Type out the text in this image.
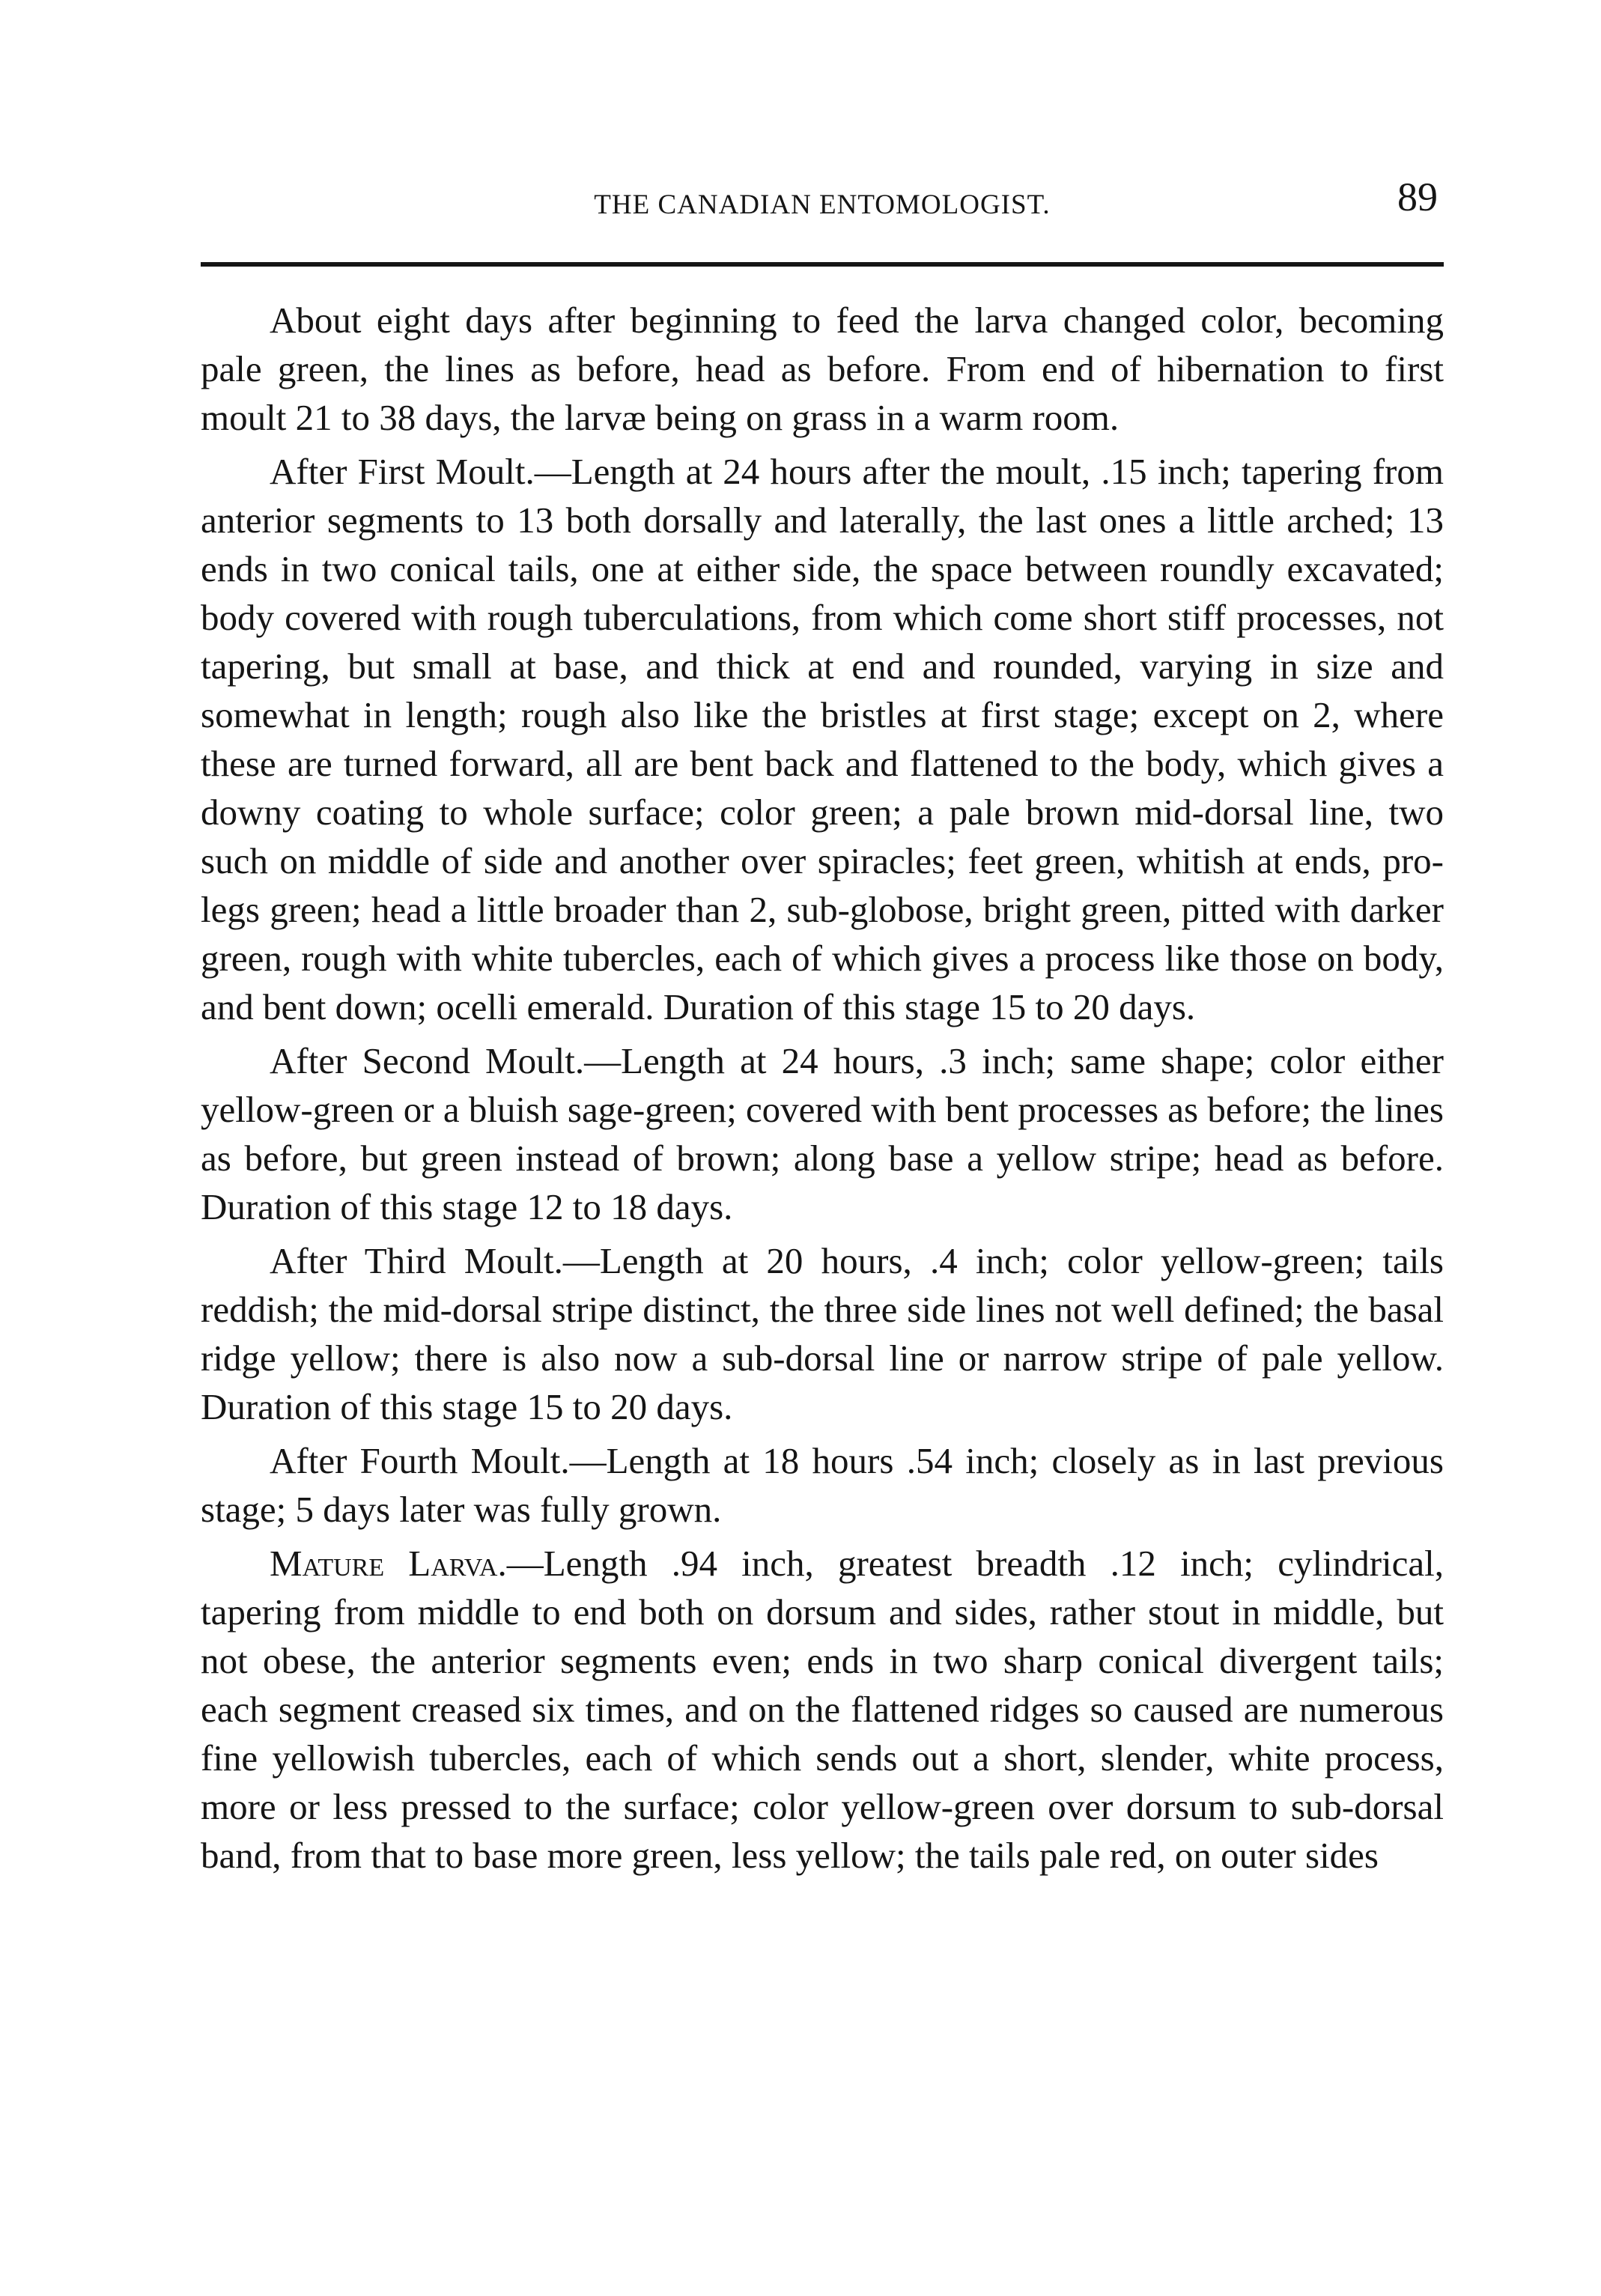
THE CANADIAN ENTOMOLOGIST.	89

About eight days after beginning to feed the larva changed color, becoming pale green, the lines as before, head as before. From end of hibernation to first moult 21 to 38 days, the larvæ being on grass in a warm room.

After First Moult.—Length at 24 hours after the moult, .15 inch; tapering from anterior segments to 13 both dorsally and laterally, the last ones a little arched; 13 ends in two conical tails, one at either side, the space between roundly excavated; body covered with rough tuberculations, from which come short stiff processes, not tapering, but small at base, and thick at end and rounded, varying in size and somewhat in length; rough also like the bristles at first stage; except on 2, where these are turned forward, all are bent back and flattened to the body, which gives a downy coating to whole surface; color green; a pale brown mid-dorsal line, two such on middle of side and another over spiracles; feet green, whitish at ends, pro-legs green; head a little broader than 2, sub-globose, bright green, pitted with darker green, rough with white tubercles, each of which gives a process like those on body, and bent down; ocelli emerald. Duration of this stage 15 to 20 days.

After Second Moult.—Length at 24 hours, .3 inch; same shape; color either yellow-green or a bluish sage-green; covered with bent processes as before; the lines as before, but green instead of brown; along base a yellow stripe; head as before. Duration of this stage 12 to 18 days.

After Third Moult.—Length at 20 hours, .4 inch; color yellow-green; tails reddish; the mid-dorsal stripe distinct, the three side lines not well defined; the basal ridge yellow; there is also now a sub-dorsal line or narrow stripe of pale yellow. Duration of this stage 15 to 20 days.

After Fourth Moult.—Length at 18 hours .54 inch; closely as in last previous stage; 5 days later was fully grown.

Mature Larva.—Length .94 inch, greatest breadth .12 inch; cylindrical, tapering from middle to end both on dorsum and sides, rather stout in middle, but not obese, the anterior segments even; ends in two sharp conical divergent tails; each segment creased six times, and on the flattened ridges so caused are numerous fine yellowish tubercles, each of which sends out a short, slender, white process, more or less pressed to the surface; color yellow-green over dorsum to sub-dorsal band, from that to base more green, less yellow; the tails pale red, on outer sides
